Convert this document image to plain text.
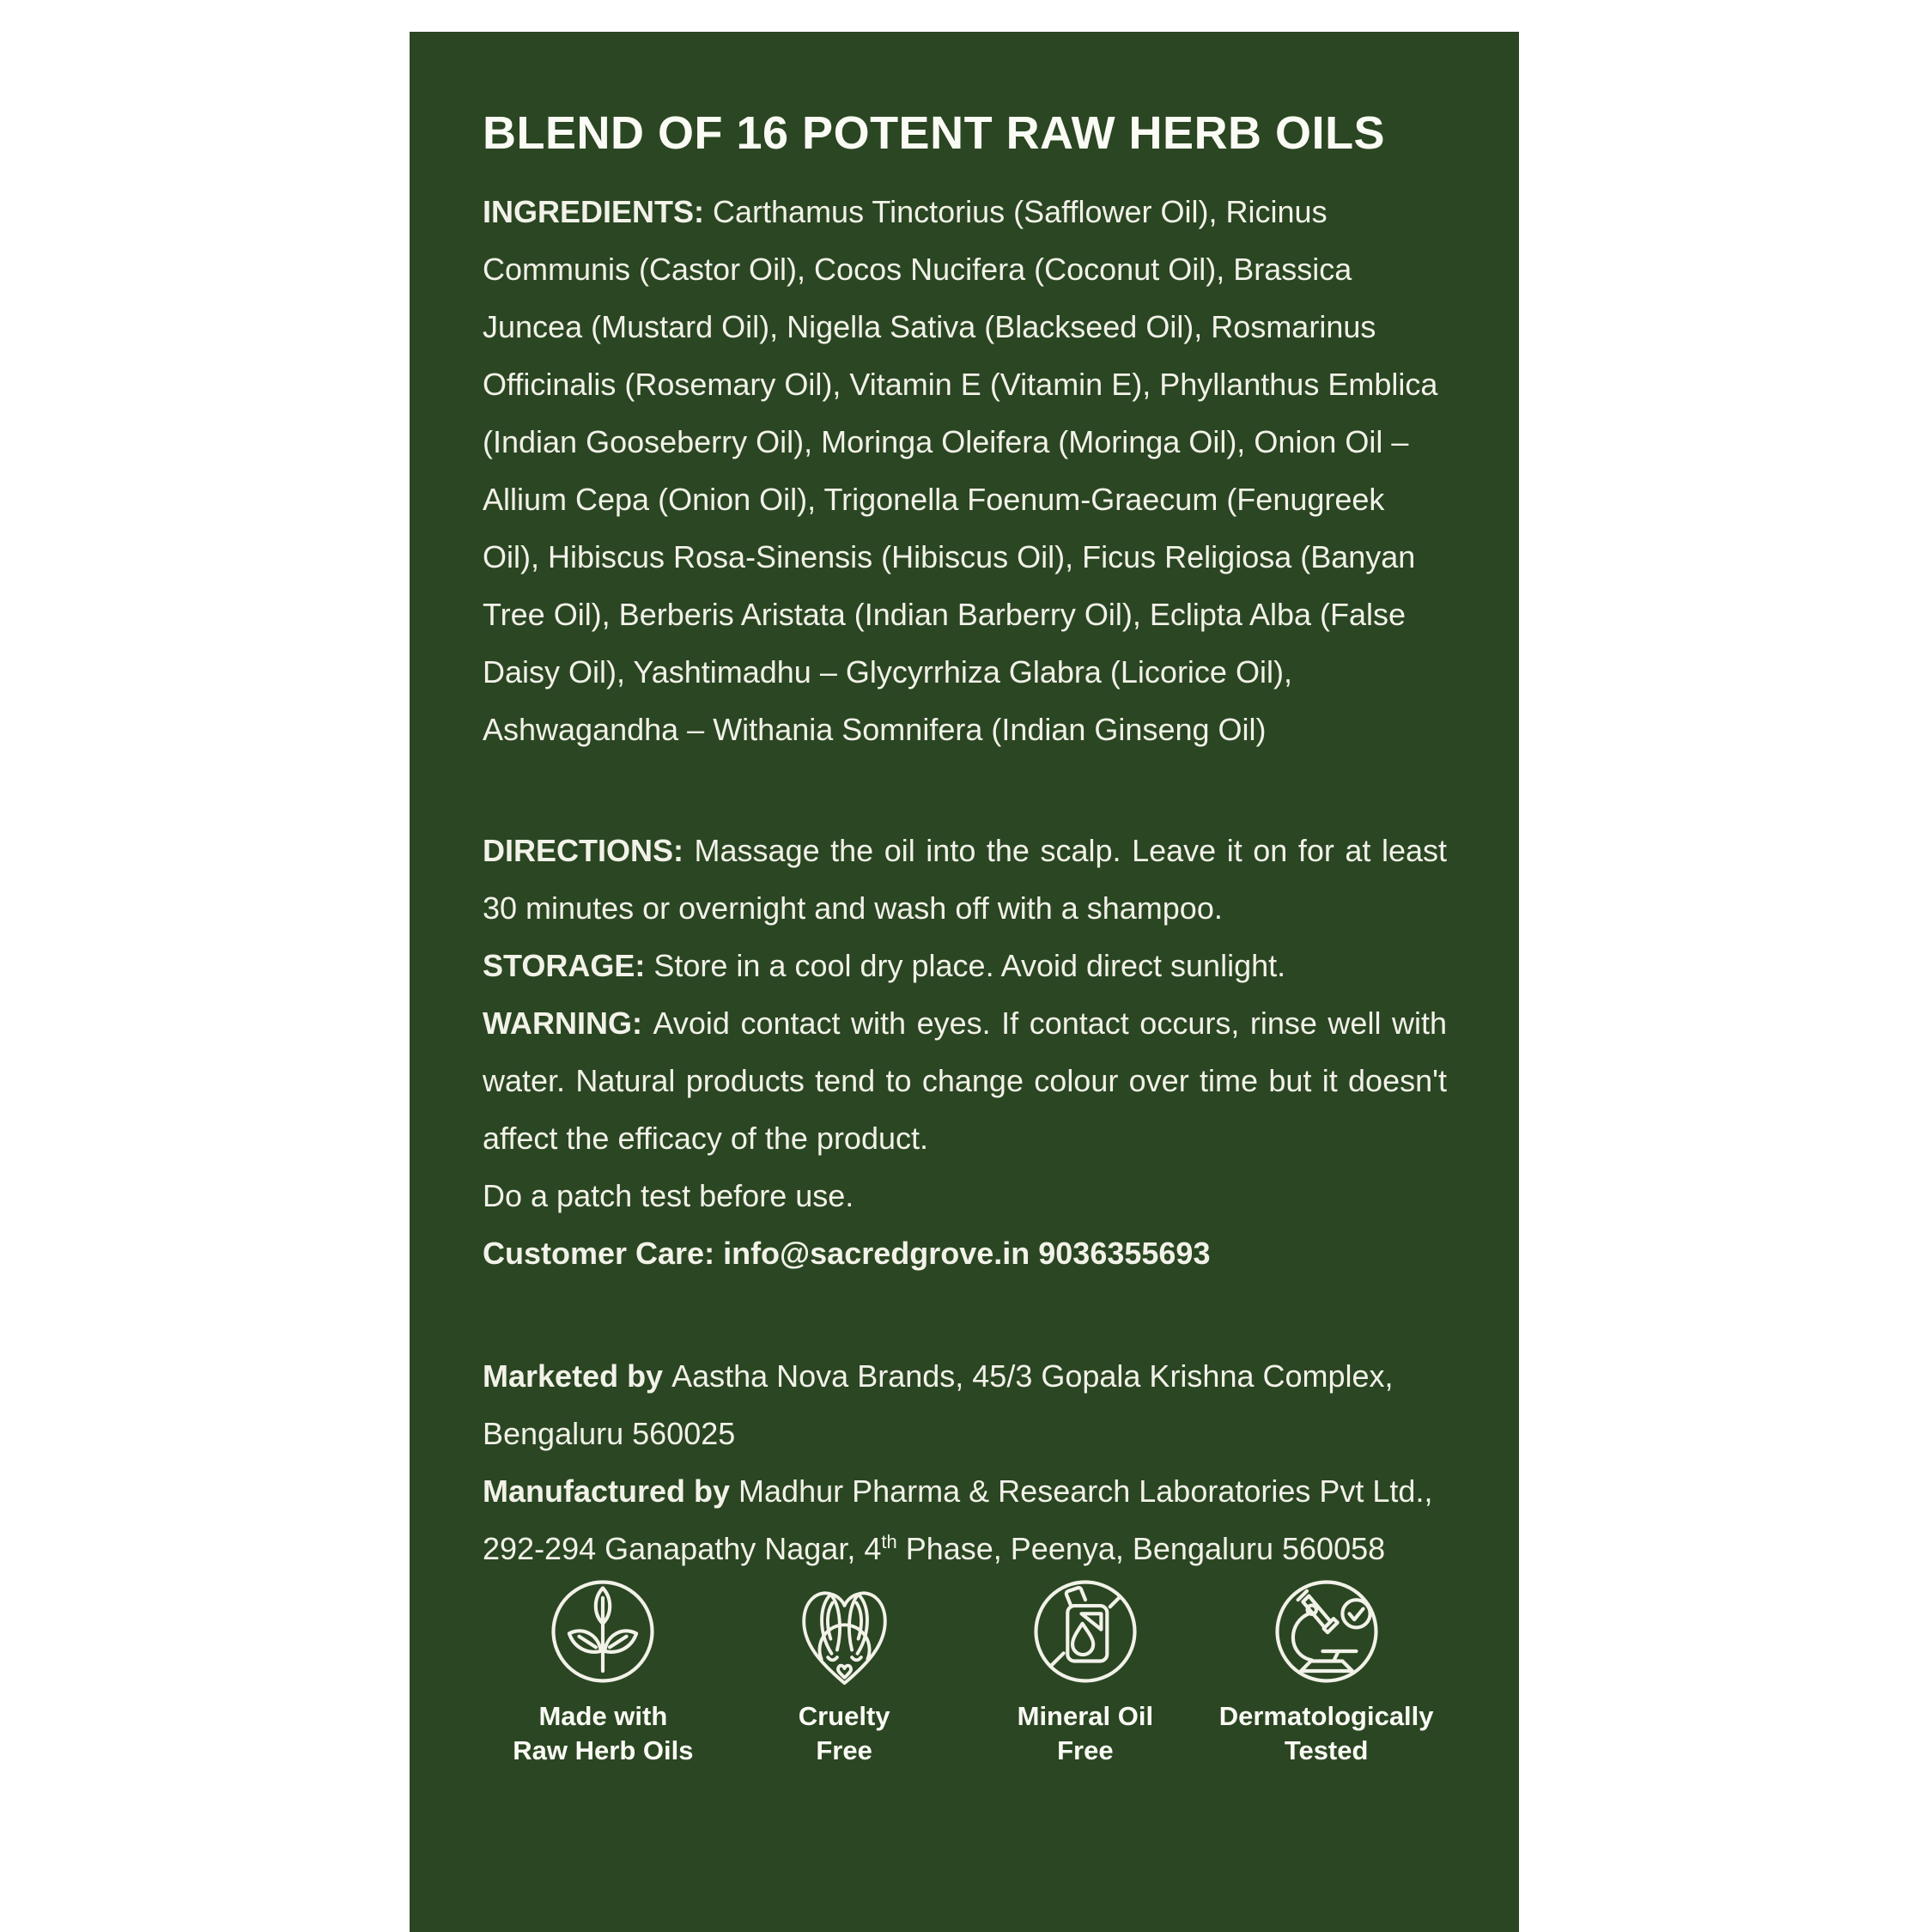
BLEND OF 16 POTENT RAW HERB OILS

INGREDIENTS: Carthamus Tinctorius (Safflower Oil), Ricinus Communis (Castor Oil), Cocos Nucifera (Coconut Oil), Brassica Juncea (Mustard Oil), Nigella Sativa (Blackseed Oil), Rosmarinus Officinalis (Rosemary Oil), Vitamin E (Vitamin E), Phyllanthus Emblica (Indian Gooseberry Oil), Moringa Oleifera (Moringa Oil), Onion Oil – Allium Cepa (Onion Oil), Trigonella Foenum-Graecum (Fenugreek Oil), Hibiscus Rosa-Sinensis (Hibiscus Oil), Ficus Religiosa (Banyan Tree Oil), Berberis Aristata (Indian Barberry Oil), Eclipta Alba (False Daisy Oil), Yashtimadhu – Glycyrrhiza Glabra (Licorice Oil), Ashwagandha – Withania Somnifera (Indian Ginseng Oil)

DIRECTIONS: Massage the oil into the scalp. Leave it on for at least 30 minutes or overnight and wash off with a shampoo.

STORAGE: Store in a cool dry place. Avoid direct sunlight.

WARNING: Avoid contact with eyes. If contact occurs, rinse well with water. Natural products tend to change colour over time but it doesn't affect the efficacy of the product.

Do a patch test before use.

Customer Care: info@sacredgrove.in 9036355693

Marketed by Aastha Nova Brands, 45/3 Gopala Krishna Complex, Bengaluru 560025

Manufactured by Madhur Pharma & Research Laboratories Pvt Ltd., 292-294 Ganapathy Nagar, 4th Phase, Peenya, Bengaluru 560058

Made with
Raw Herb Oils
Cruelty
Free
Mineral Oil
Free
Dermatologically
Tested
